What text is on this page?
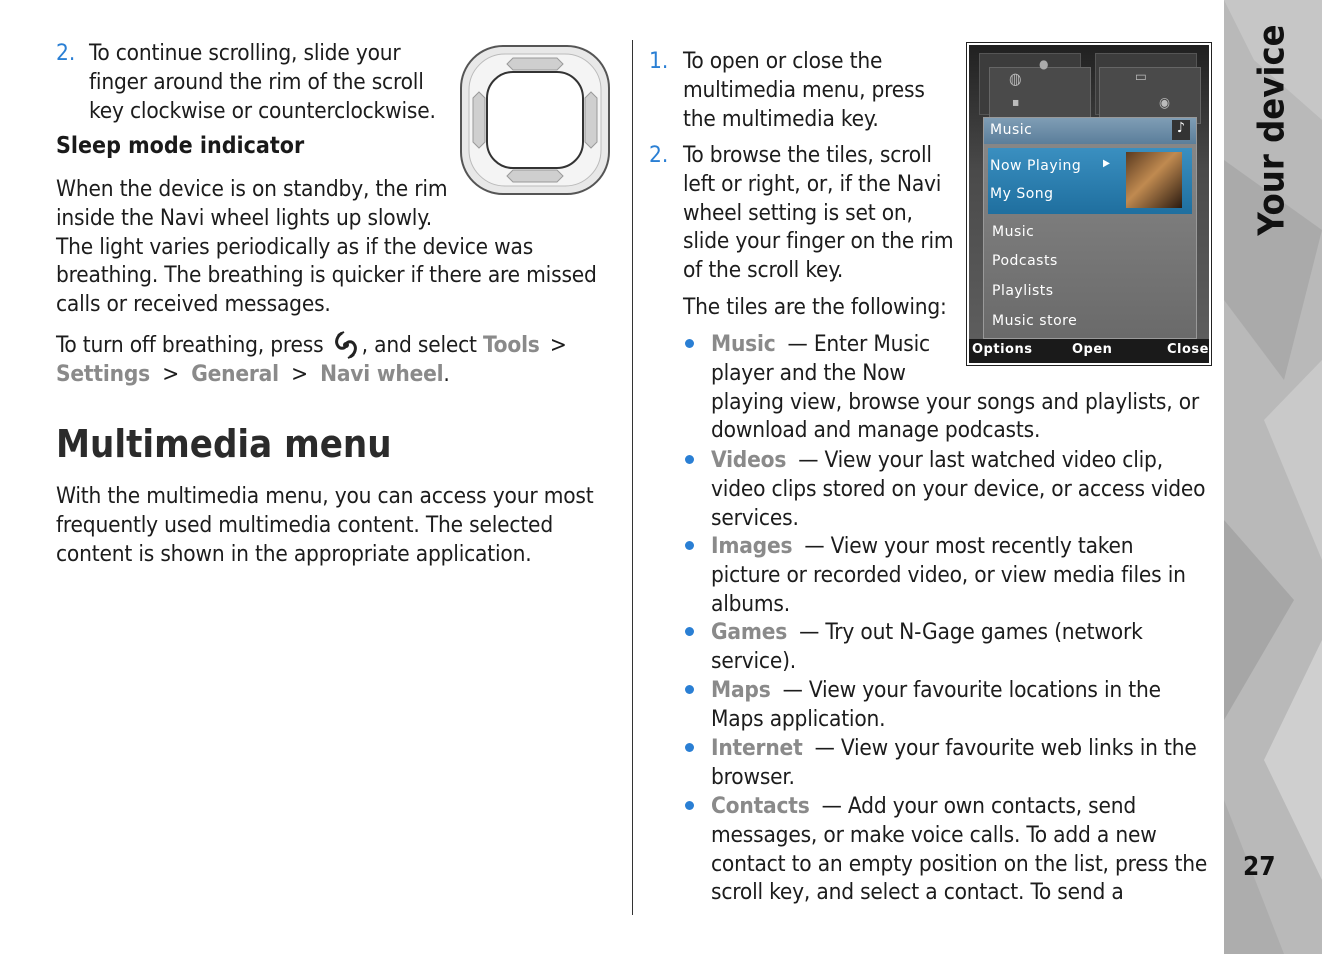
2. To continue scrolling, slide your
finger around the rim of the scroll
key clockwise or counterclockwise.
Sleep mode indicator
When the device is on standby, the rim
inside the Navi wheel lights up slowly.
The light varies periodically as if the device was
breathing. The breathing is quicker if there are missed
calls or received messages.
To turn off breathing, press , and select Tools >
Settings > General > Navi wheel.
Multimedia menu
With the multimedia menu, you can access your most
frequently used multimedia content. The selected
content is shown in the appropriate application.
1. To open or close the
multimedia menu, press
the multimedia key.
2. To browse the tiles, scroll
left or right, or, if the Navi
wheel setting is set on,
slide your finger on the rim
of the scroll key.
The tiles are the following:
Music — Enter Music
player and the Now
playing view, browse your songs and playlists, or
download and manage podcasts.
Videos — View your last watched video clip,
video clips stored on your device, or access video
services.
Images — View your most recently taken
picture or recorded video, or view media files in
albums.
Games — Try out N-Gage games (network
service).
Maps — View your favourite locations in the
Maps application.
Internet — View your favourite web links in the
browser.
Contacts — Add your own contacts, send
messages, or make voice calls. To add a new
contact to an empty position on the list, press the
scroll key, and select a contact. To send a
◍
●
▪
▭
◉
Music	♪
Now Playing ▶
My Song
Music
Podcasts
Playlists
Music store
Options	Open	Close
Your device
27
